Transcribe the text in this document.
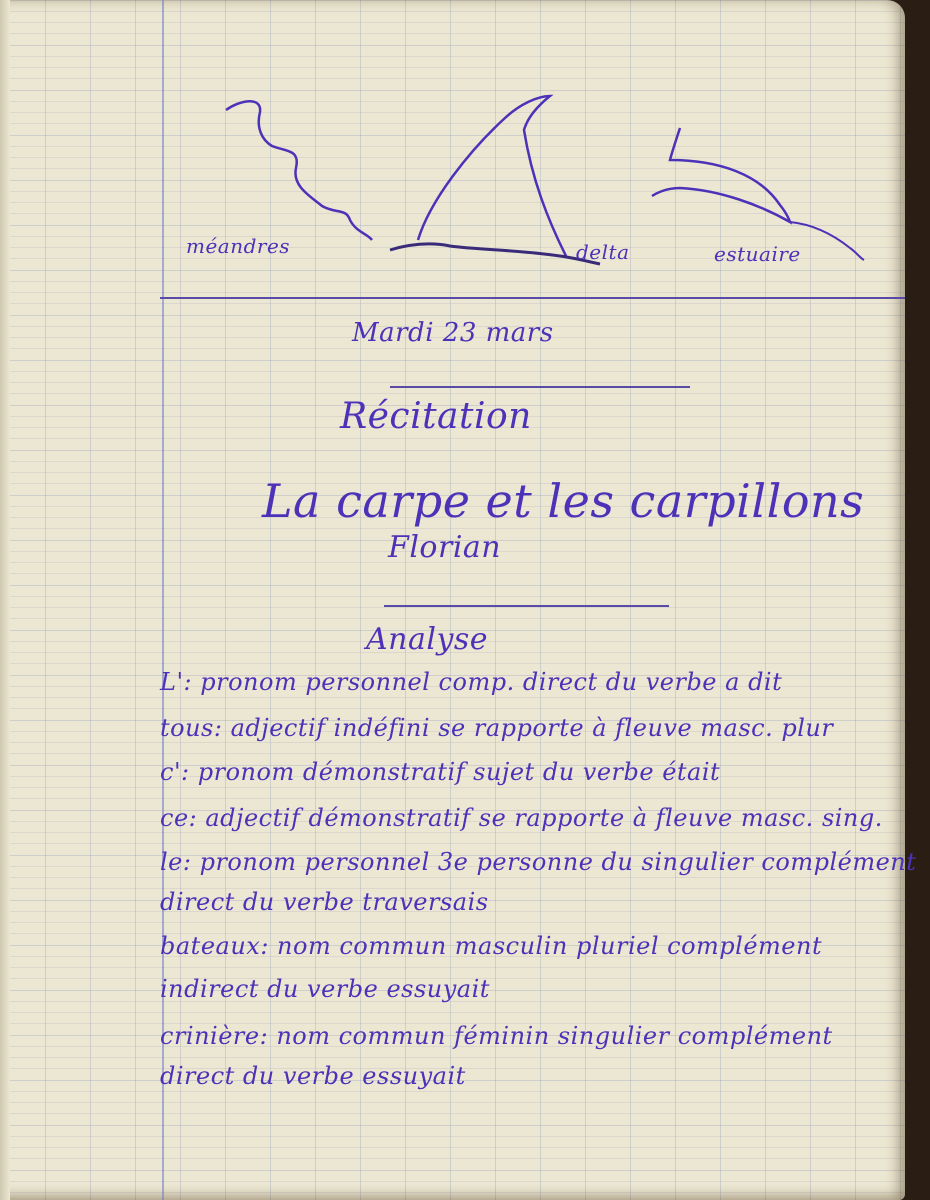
méandres	delta	estuaire
Mardi 23 mars
Récitation
La carpe et les carpillons
Florian
Analyse
L': pronom personnel comp. direct du verbe a dit
tous: adjectif indéfini se rapporte à fleuve masc. plur
c': pronom démonstratif sujet du verbe était
ce: adjectif démonstratif se rapporte à fleuve masc. sing.
le: pronom personnel 3e personne du singulier complément
direct du verbe traversais
bateaux: nom commun masculin pluriel complément
indirect du verbe essuyait
crinière: nom commun féminin singulier complément
direct du verbe essuyait
